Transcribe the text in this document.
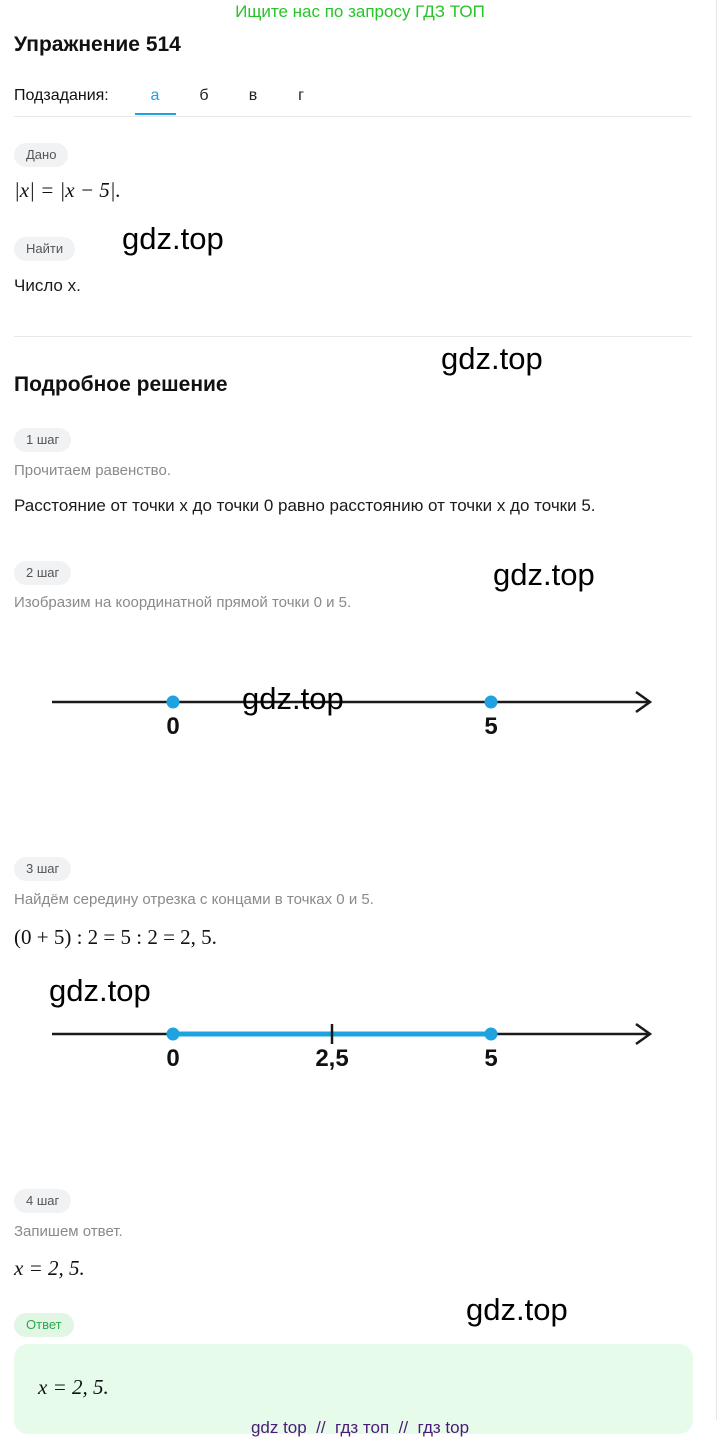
Ищите нас по запросу ГДЗ ТОП
Упражнение 514
Подзадания:	а	б	в	г
Дано
|x| = |x − 5|.
Найти
Число x.
Подробное решение
1 шаг
Прочитаем равенство.
Расстояние от точки x до точки 0 равно расстоянию от точки x до точки 5.
2 шаг
Изобразим на координатной прямой точки 0 и 5.
0	5
3 шаг
Найдём середину отрезка с концами в точках 0 и 5.
(0 + 5) : 2 = 5 : 2 = 2, 5.
0	2,5	5
4 шаг
Запишем ответ.
x = 2, 5.
Ответ
x = 2, 5.
gdz.top
gdz.top
gdz.top
gdz.top
gdz.top
gdz.top
gdz top  //  гдз топ  //  гдз top
